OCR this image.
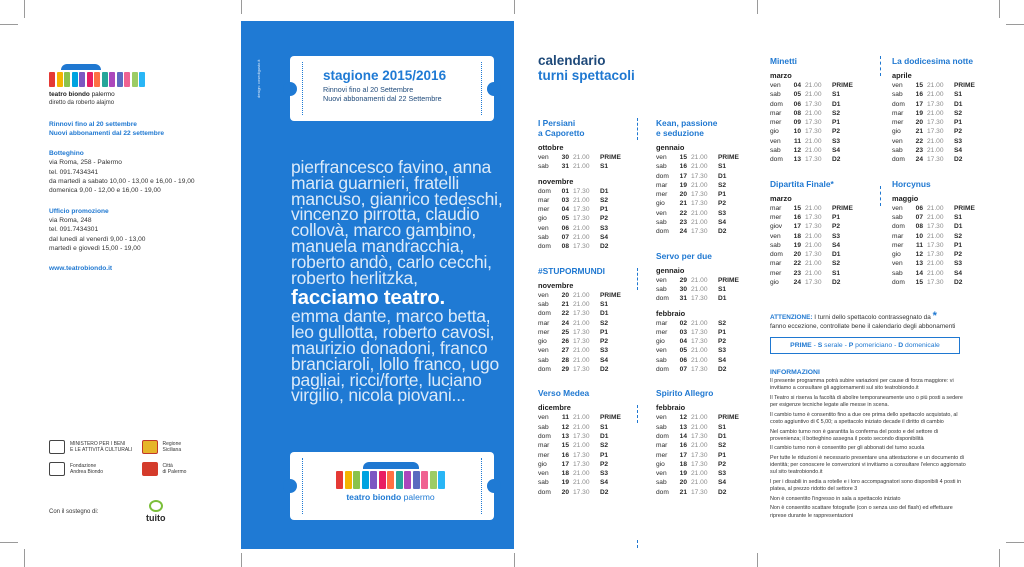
teatro biondo palermo
diretto da roberto alajmo
Rinnovi fino al 20 settembre
Nuovi abbonamenti dal 22 settembre
Botteghino
via Roma, 258 - Palermo
tel. 091.7434341
da martedì a sabato 10,00 - 13,00 e 16,00 - 19,00
domenica 9,00 - 12,00 e 16,00 - 19,00
Ufficio promozione
via Roma, 248
tel. 091.7434301
dal lunedì al venerdì 9,00 - 13,00
martedì e giovedì 15,00 - 19,00
www.teatrobiondo.it
MINISTERO PER I BENI
E LE ATTIVITÀ CULTURALI
Regione
Siciliana
Fondazione
Andrea Biondo
Città
di Palermo
Con il sostegno di:
tuito
design: cosedigusto.it	stagione 2015/2016
Rinnovi fino al 20 Settembre
Nuovi abbonamenti dal 22 Settembre
pierfrancesco favino, anna
maria guarnieri, fratelli
mancuso, gianrico tedeschi,
vincenzo pirrotta, claudio
collovà, marco gambino,
manuela mandracchia,
roberto andò, carlo cecchi,
roberto herlitzka,
facciamo teatro.
emma dante, marco betta,
leo gullotta, roberto cavosi,
maurizio donadoni, franco
branciaroli, lollo franco, ugo
pagliai, ricci/forte, luciano
virgilio, nicola piovani...
teatro biondo palermo
calendario
turni spettacoli
I Persiani
a Caporetto
ottobre
ven	30 21.00	PRIME
sab	31 21.00	S1
novembre
dom	01 17.30	D1
mar	03 21.00	S2
mer	04 17.30	P1
gio	05 17.30	P2
ven	06 21.00	S3
sab	07 21.00	S4
dom	08 17.30	D2
#STUPORMUNDI
novembre
ven	20 21.00	PRIME
sab	21 21.00	S1
dom	22 17.30	D1
mar	24 21.00	S2
mer	25 17.30	P1
gio	26 17.30	P2
ven	27 21.00	S3
sab	28 21.00	S4
dom	29 17.30	D2
Verso Medea
dicembre
ven	11 21.00	PRIME
sab	12 21.00	S1
dom	13 17.30	D1
mar	15 21.00	S2
mer	16 17.30	P1
gio	17 17.30	P2
ven	18 21.00	S3
sab	19 21.00	S4
dom	20 17.30	D2
Kean, passione
e seduzione
gennaio
ven	15 21.00	PRIME
sab	16 21.00	S1
dom	17 17.30	D1
mar	19 21.00	S2
mer	20 17.30	P1
gio	21 17.30	P2
ven	22 21.00	S3
sab	23 21.00	S4
dom	24 17.30	D2
Servo per due
gennaio
ven	29 21.00	PRIME
sab	30 21.00	S1
dom	31 17.30	D1
febbraio
mar	02 21.00	S2
mer	03 17.30	P1
gio	04 17.30	P2
ven	05 21.00	S3
sab	06 21.00	S4
dom	07 17.30	D2
Spirito Allegro
febbraio
ven	12 21.00	PRIME
sab	13 21.00	S1
dom	14 17.30	D1
mar	16 21.00	S2
mer	17 17.30	P1
gio	18 17.30	P2
ven	19 21.00	S3
sab	20 21.00	S4
dom	21 17.30	D2
Minetti
marzo
ven	04 21.00	PRIME
sab	05 21.00	S1
dom	06 17.30	D1
mar	08 21.00	S2
mer	09 17.30	P1
gio	10 17.30	P2
ven	11 21.00	S3
sab	12 21.00	S4
dom	13 17.30	D2
Dipartita Finale*
marzo
mar	15 21.00	PRIME
mer	16 17.30	P1
giov	17 17.30	P2
ven	18 21.00	S3
sab	19 21.00	S4
dom	20 17.30	D1
mar	22 21.00	S2
mer	23 21.00	S1
gio	24 17.30	D2
La dodicesima notte
aprile
ven	15 21.00	PRIME
sab	16 21.00	S1
dom	17 17.30	D1
mar	19 21.00	S2
mer	20 17.30	P1
gio	21 17.30	P2
ven	22 21.00	S3
sab	23 21.00	S4
dom	24 17.30	D2
Horcynus
maggio
ven	06 21.00	PRIME
sab	07 21.00	S1
dom	08 17.30	D1
mar	10 21.00	S2
mer	11 17.30	P1
gio	12 17.30	P2
ven	13 21.00	S3
sab	14 21.00	S4
dom	15 17.30	D2
ATTENZIONE: I turni dello spettacolo contrassegnato da *
fanno eccezione, controllate bene il calendario degli abbonamenti
PRIME - S serale - P pomericiano - D domenicale
INFORMAZIONI

Il presente programma potrà subire variazioni per cause di forza maggiore: vi invitiamo a consultare gli aggiornamenti sul sito teatrobiondo.it

Il Teatro si riserva la facoltà di abolire temporaneamente uno o più posti a sedere per esigenze tecniche legate alle messe in scena.

Il cambio turno è consentito fino a due ore prima dello spettacolo acquistato, al costo aggiuntivo di € 5,00; a spettacolo iniziato decade il diritto di cambio

Nel cambio turno non è garantita la conferma del posto e del settore di provenienza; il botteghino assegna il posto secondo disponibilità

Il cambio turno non è consentito per gli abbonati del turno scuola

Per tutte le riduzioni è necessario presentare una attestazione e un documento di identità; per conoscere le convenzioni vi invitiamo a consultare l'elenco aggiornato sul sito teatrobiondo.it

I per i disabili in sedia a rotelle e i loro accompagnatori sono disponibili 4 posti in platea, al prezzo ridotto del settore 3

Non è consentito l'ingresso in sala a spettacolo iniziato

Non è consentito scattare fotografie (con o senza uso del flash) ed effettuare riprese durante le rappresentazioni
